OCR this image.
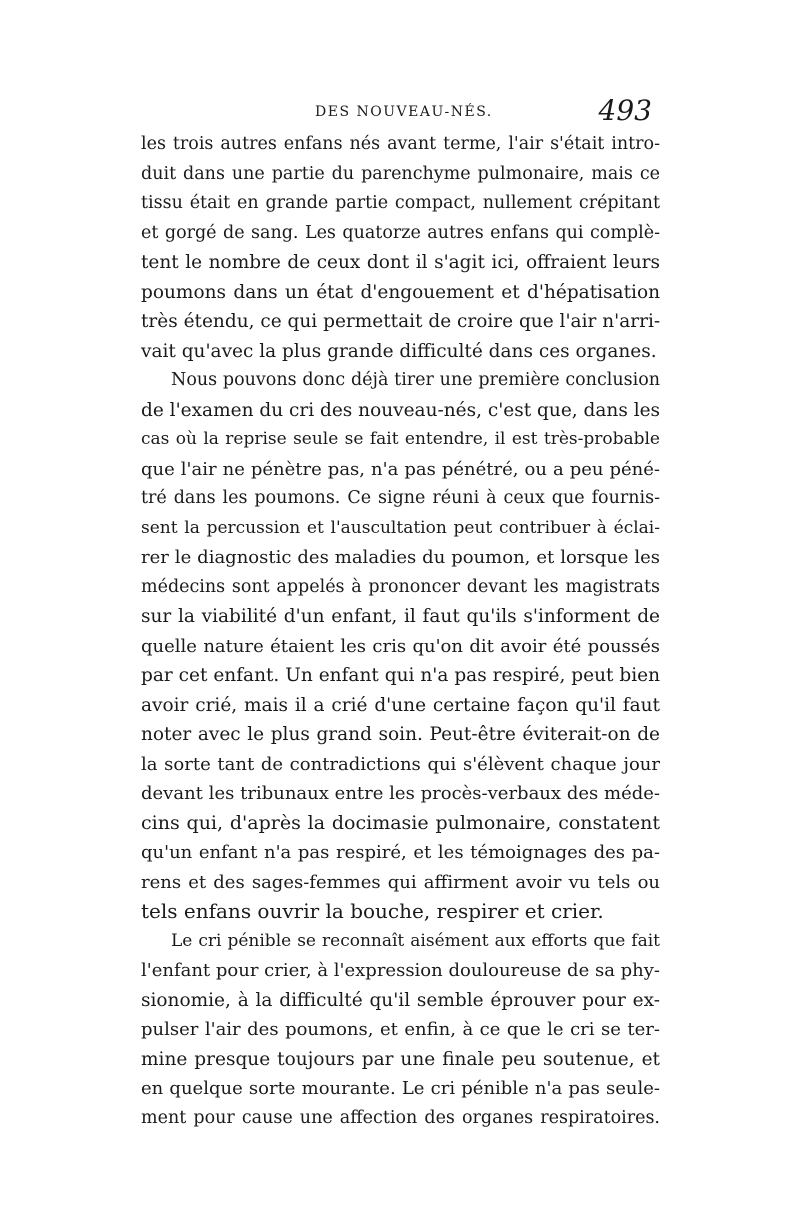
DES NOUVEAU-NÉS.	493
les trois autres enfans nés avant terme, l'air s'était intro-
duit dans une partie du parenchyme pulmonaire, mais ce
tissu était en grande partie compact, nullement crépitant
et gorgé de sang. Les quatorze autres enfans qui complè-
tent le nombre de ceux dont il s'agit ici, offraient leurs
poumons dans un état d'engouement et d'hépatisation
très étendu, ce qui permettait de croire que l'air n'arri-
vait qu'avec la plus grande difficulté dans ces organes.
Nous pouvons donc déjà tirer une première conclusion
de l'examen du cri des nouveau-nés, c'est que, dans les
cas où la reprise seule se fait entendre, il est très-probable
que l'air ne pénètre pas, n'a pas pénétré, ou a peu péné-
tré dans les poumons. Ce signe réuni à ceux que fournis-
sent la percussion et l'auscultation peut contribuer à éclai-
rer le diagnostic des maladies du poumon, et lorsque les
médecins sont appelés à prononcer devant les magistrats
sur la viabilité d'un enfant, il faut qu'ils s'informent de
quelle nature étaient les cris qu'on dit avoir été poussés
par cet enfant. Un enfant qui n'a pas respiré, peut bien
avoir crié, mais il a crié d'une certaine façon qu'il faut
noter avec le plus grand soin. Peut-être éviterait-on de
la sorte tant de contradictions qui s'élèvent chaque jour
devant les tribunaux entre les procès-verbaux des méde-
cins qui, d'après la docimasie pulmonaire, constatent
qu'un enfant n'a pas respiré, et les témoignages des pa-
rens et des sages-femmes qui affirment avoir vu tels ou
tels enfans ouvrir la bouche, respirer et crier.
Le cri pénible se reconnaît aisément aux efforts que fait
l'enfant pour crier, à l'expression douloureuse de sa phy-
sionomie, à la difficulté qu'il semble éprouver pour ex-
pulser l'air des poumons, et enfin, à ce que le cri se ter-
mine presque toujours par une finale peu soutenue, et
en quelque sorte mourante. Le cri pénible n'a pas seule-
ment pour cause une affection des organes respiratoires.
